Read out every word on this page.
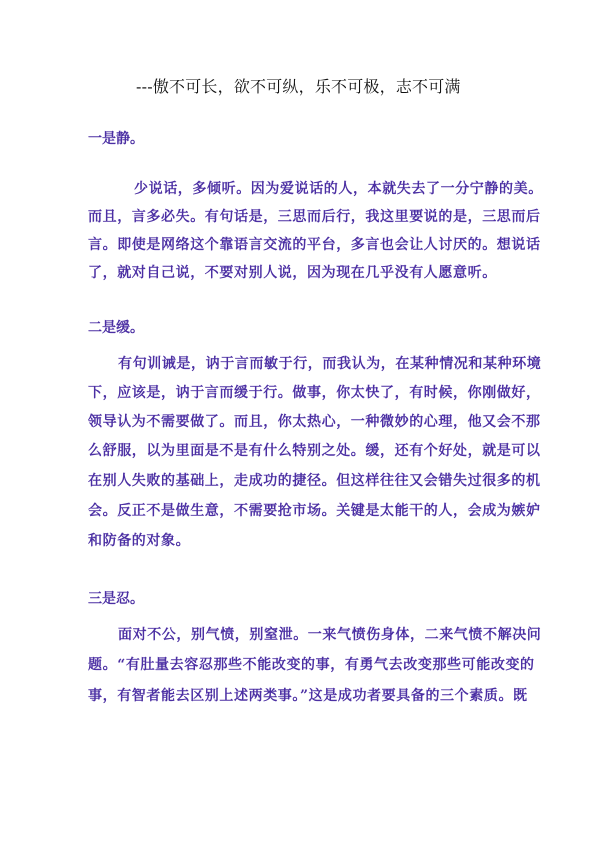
---傲不可长，欲不可纵，乐不可极，志不可满
一是静。
少说话，多倾听。因为爱说话的人，本就失去了一分宁静的美。
而且，言多必失。有句话是，三思而后行，我这里要说的是，三思而后
言。即使是网络这个靠语言交流的平台，多言也会让人讨厌的。想说话
了，就对自己说，不要对别人说，因为现在几乎没有人愿意听。
二是缓。
有句训诫是，讷于言而敏于行，而我认为，在某种情况和某种环境
下，应该是，讷于言而缓于行。做事，你太快了，有时候，你刚做好，
领导认为不需要做了。而且，你太热心，一种微妙的心理，他又会不那
么舒服，以为里面是不是有什么特别之处。缓，还有个好处，就是可以
在别人失败的基础上，走成功的捷径。但这样往往又会错失过很多的机
会。反正不是做生意，不需要抢市场。关键是太能干的人，会成为嫉妒
和防备的对象。
三是忍。
面对不公，别气愤，别窒泄。一来气愤伤身体，二来气愤不解决问
题。“有肚量去容忍那些不能改变的事，有勇气去改变那些可能改变的
事，有智者能去区别上述两类事。”这是成功者要具备的三个素质。既
